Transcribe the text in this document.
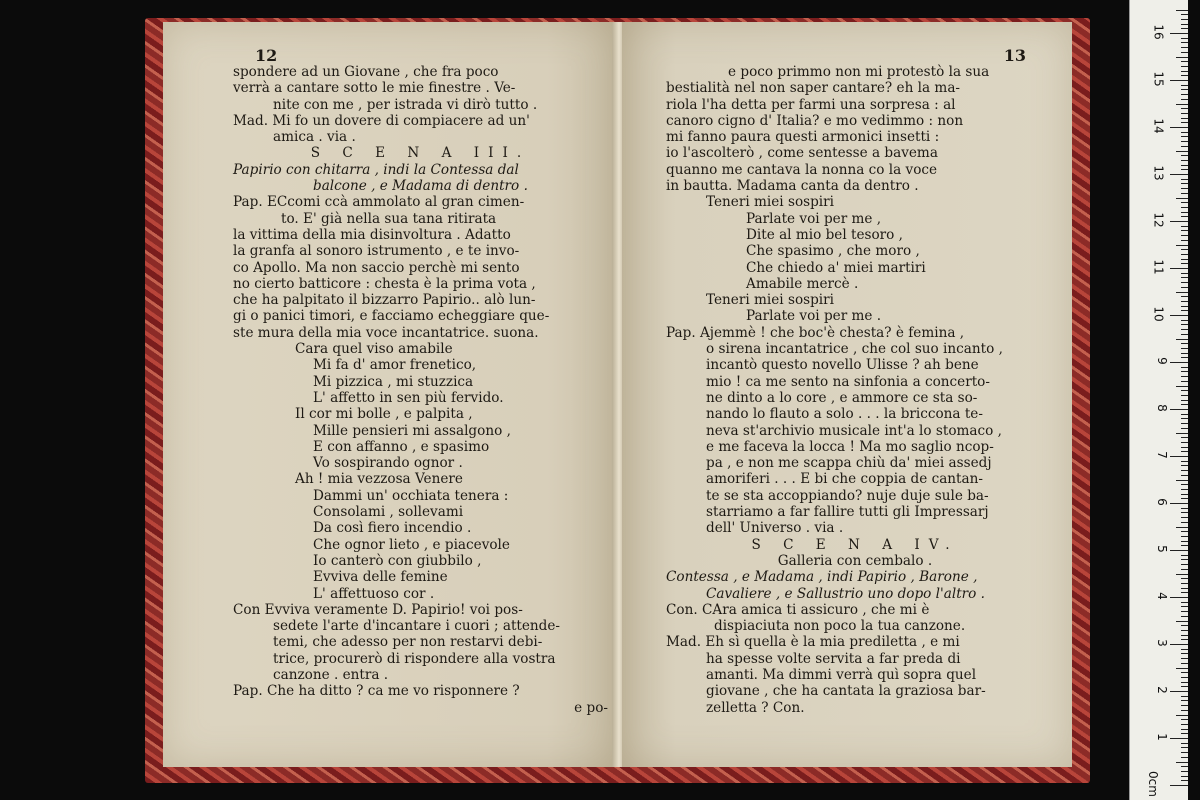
12
spondere ad un Giovane , che fra poco
verrà a cantare sotto le mie finestre . Ve-
nite con me , per istrada vi dirò tutto .
Mad. Mi fo un dovere di compiacere ad un'
amica . via .
S C E N A III.
Papirio con chitarra , indi la Contessa dal
balcone , e Madama di dentro .
Pap. ECcomi ccà ammolato al gran cimen-
to. E' già nella sua tana ritirata
la vittima della mia disinvoltura . Adatto
la granfa al sonoro istrumento , e te invo-
co Apollo. Ma non saccio perchè mi sento
no cierto batticore : chesta è la prima vota ,
che ha palpitato il bizzarro Papirio.. alò lun-
gi o panici timori, e facciamo echeggiare que-
ste mura della mia voce incantatrice. suona.
Cara quel viso amabile
Mi fa d' amor frenetico,
Mi pizzica , mi stuzzica
L' affetto in sen più fervido.
Il cor mi bolle , e palpita ,
Mille pensieri mi assalgono ,
E con affanno , e spasimo
Vo sospirando ognor .
Ah ! mia vezzosa Venere
Dammi un' occhiata tenera :
Consolami , sollevami
Da così fiero incendio .
Che ognor lieto , e piacevole
Io canterò con giubbilo ,
Evviva delle femine
L' affettuoso cor .
Con Evviva veramente D. Papirio! voi pos-
sedete l'arte d'incantare i cuori ; attende-
temi, che adesso per non restarvi debi-
trice, procurerò di rispondere alla vostra
canzone . entra .
Pap. Che ha ditto ? ca me vo risponnere ?
e po-
13
e poco primmo non mi protestò la sua
bestialità nel non saper cantare? eh la ma-
riola l'ha detta per farmi una sorpresa : al
canoro cigno d' Italia? e mo vedimmo : non
mi fanno paura questi armonici insetti :
io l'ascolterò , come sentesse a bavema
quanno me cantava la nonna co la voce
in bautta. Madama canta da dentro .
Teneri miei sospiri
Parlate voi per me ,
Dite al mio bel tesoro ,
Che spasimo , che moro ,
Che chiedo a' miei martiri
Amabile mercè .
Teneri miei sospiri
Parlate voi per me .
Pap. Ajemmè ! che boc'è chesta? è femina ,
o sirena incantatrice , che col suo incanto ,
incantò questo novello Ulisse ? ah bene
mio ! ca me sento na sinfonia a concerto-
ne dinto a lo core , e ammore ce sta so-
nando lo flauto a solo . . . la briccona te-
neva st'archivio musicale int'a lo stomaco ,
e me faceva la locca ! Ma mo saglio ncop-
pa , e non me scappa chiù da' miei assedj
amoriferi . . . E bi che coppia de cantan-
te se sta accoppiando? nuje duje sule ba-
starriamo a far fallire tutti gli Impressarj
dell' Universo . via .
S C E N A IV.
Galleria con cembalo .
Contessa , e Madama , indi Papirio , Barone ,
Cavaliere , e Sallustrio uno dopo l'altro .
Con. CAra amica ti assicuro , che mi è
dispiaciuta non poco la tua canzone.
Mad. Eh sì quella è la mia prediletta , e mi
ha spesse volte servita a far preda di
amanti. Ma dimmi verrà quì sopra quel
giovane , che ha cantata la graziosa bar-
zelletta ? Con.
0cm
1
2
3
4
5
6
7
8
9
10
11
12
13
14
15
16
